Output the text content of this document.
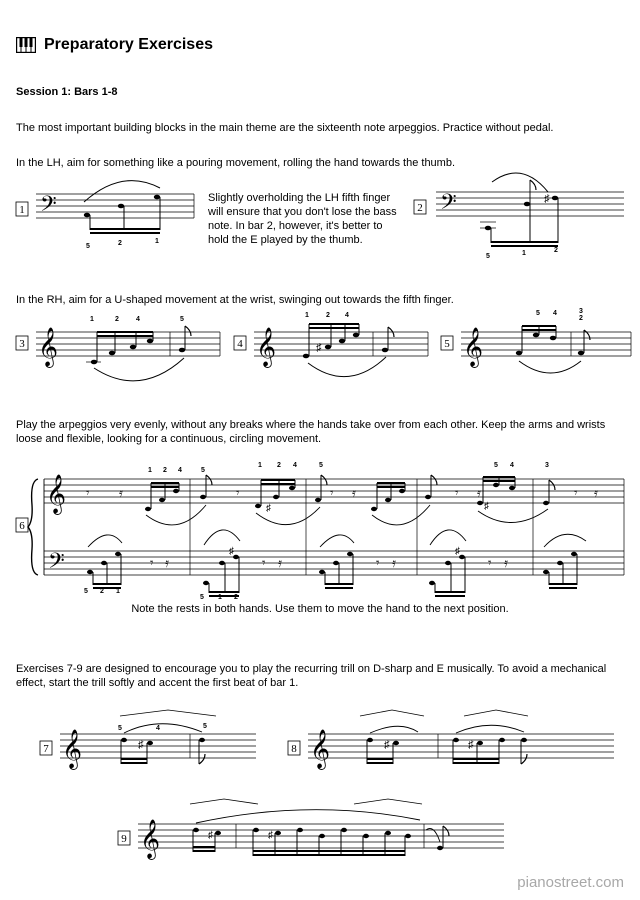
Preparatory Exercises
Session 1: Bars 1-8
The most important building blocks in the main theme are the sixteenth note arpeggios. Practice without pedal.
In the LH, aim for something like a pouring movement, rolling the hand towards the thumb.
Slightly overholding the LH fifth finger will ensure that you don't lose the bass note. In bar 2, however, it's better to hold the E played by the thumb.
In the RH, aim for a U-shaped movement at the wrist, swinging out towards the fifth finger.
Play the arpeggios very evenly, without any breaks where the hands take over from each other. Keep the arms and wrists loose and flexible, looking for a continuous, circling movement.
Note the rests in both hands. Use them to move the hand to the next position.
Exercises 7-9 are designed to encourage you to play the recurring trill on D-sharp and E musically. To avoid a mechanical effect, start the trill softly and accent the first beat of bar 1.
pianostreet.com
1 𝄢
5	2	1
2 𝄢	♯
5	1	2
3 𝄞
1	2 4	5
4 𝄞	♯
1 2 4
5 𝄞
5 4	3
2
6
𝄞
𝄢
𝄾 𝄿	𝄾	𝄾 𝄿	𝄾 𝄿	𝄾 𝄿
𝄾 𝄿	𝄾 𝄿	𝄾 𝄿	𝄾 𝄿
♯	♯
♯	♯
1 2 4	5
1 2 4	5	5 4	3
5 2 1
5 1 2
7 𝄞	♯
5	4	5
8 𝄞	♯	♯
9 𝄞	♯	♯
